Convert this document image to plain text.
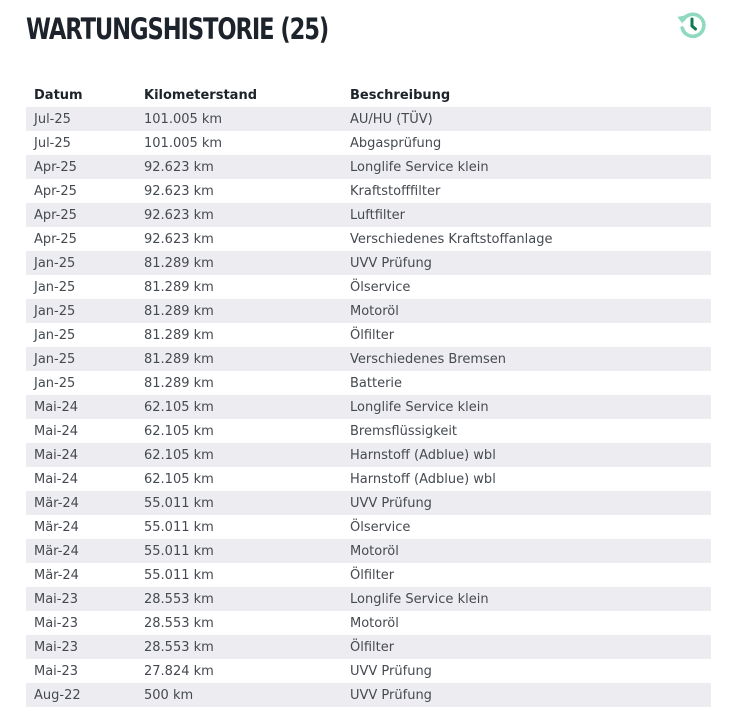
WARTUNGSHISTORIE (25)
Datum	Kilometerstand	Beschreibung
Jul-25	101.005 km	AU/HU (TÜV)
Jul-25	101.005 km	Abgasprüfung
Apr-25	92.623 km	Longlife Service klein
Apr-25	92.623 km	Kraftstofffilter
Apr-25	92.623 km	Luftfilter
Apr-25	92.623 km	Verschiedenes Kraftstoffanlage
Jan-25	81.289 km	UVV Prüfung
Jan-25	81.289 km	Ölservice
Jan-25	81.289 km	Motoröl
Jan-25	81.289 km	Ölfilter
Jan-25	81.289 km	Verschiedenes Bremsen
Jan-25	81.289 km	Batterie
Mai-24	62.105 km	Longlife Service klein
Mai-24	62.105 km	Bremsflüssigkeit
Mai-24	62.105 km	Harnstoff (Adblue) wbl
Mai-24	62.105 km	Harnstoff (Adblue) wbl
Mär-24	55.011 km	UVV Prüfung
Mär-24	55.011 km	Ölservice
Mär-24	55.011 km	Motoröl
Mär-24	55.011 km	Ölfilter
Mai-23	28.553 km	Longlife Service klein
Mai-23	28.553 km	Motoröl
Mai-23	28.553 km	Ölfilter
Mai-23	27.824 km	UVV Prüfung
Aug-22	500 km	UVV Prüfung
